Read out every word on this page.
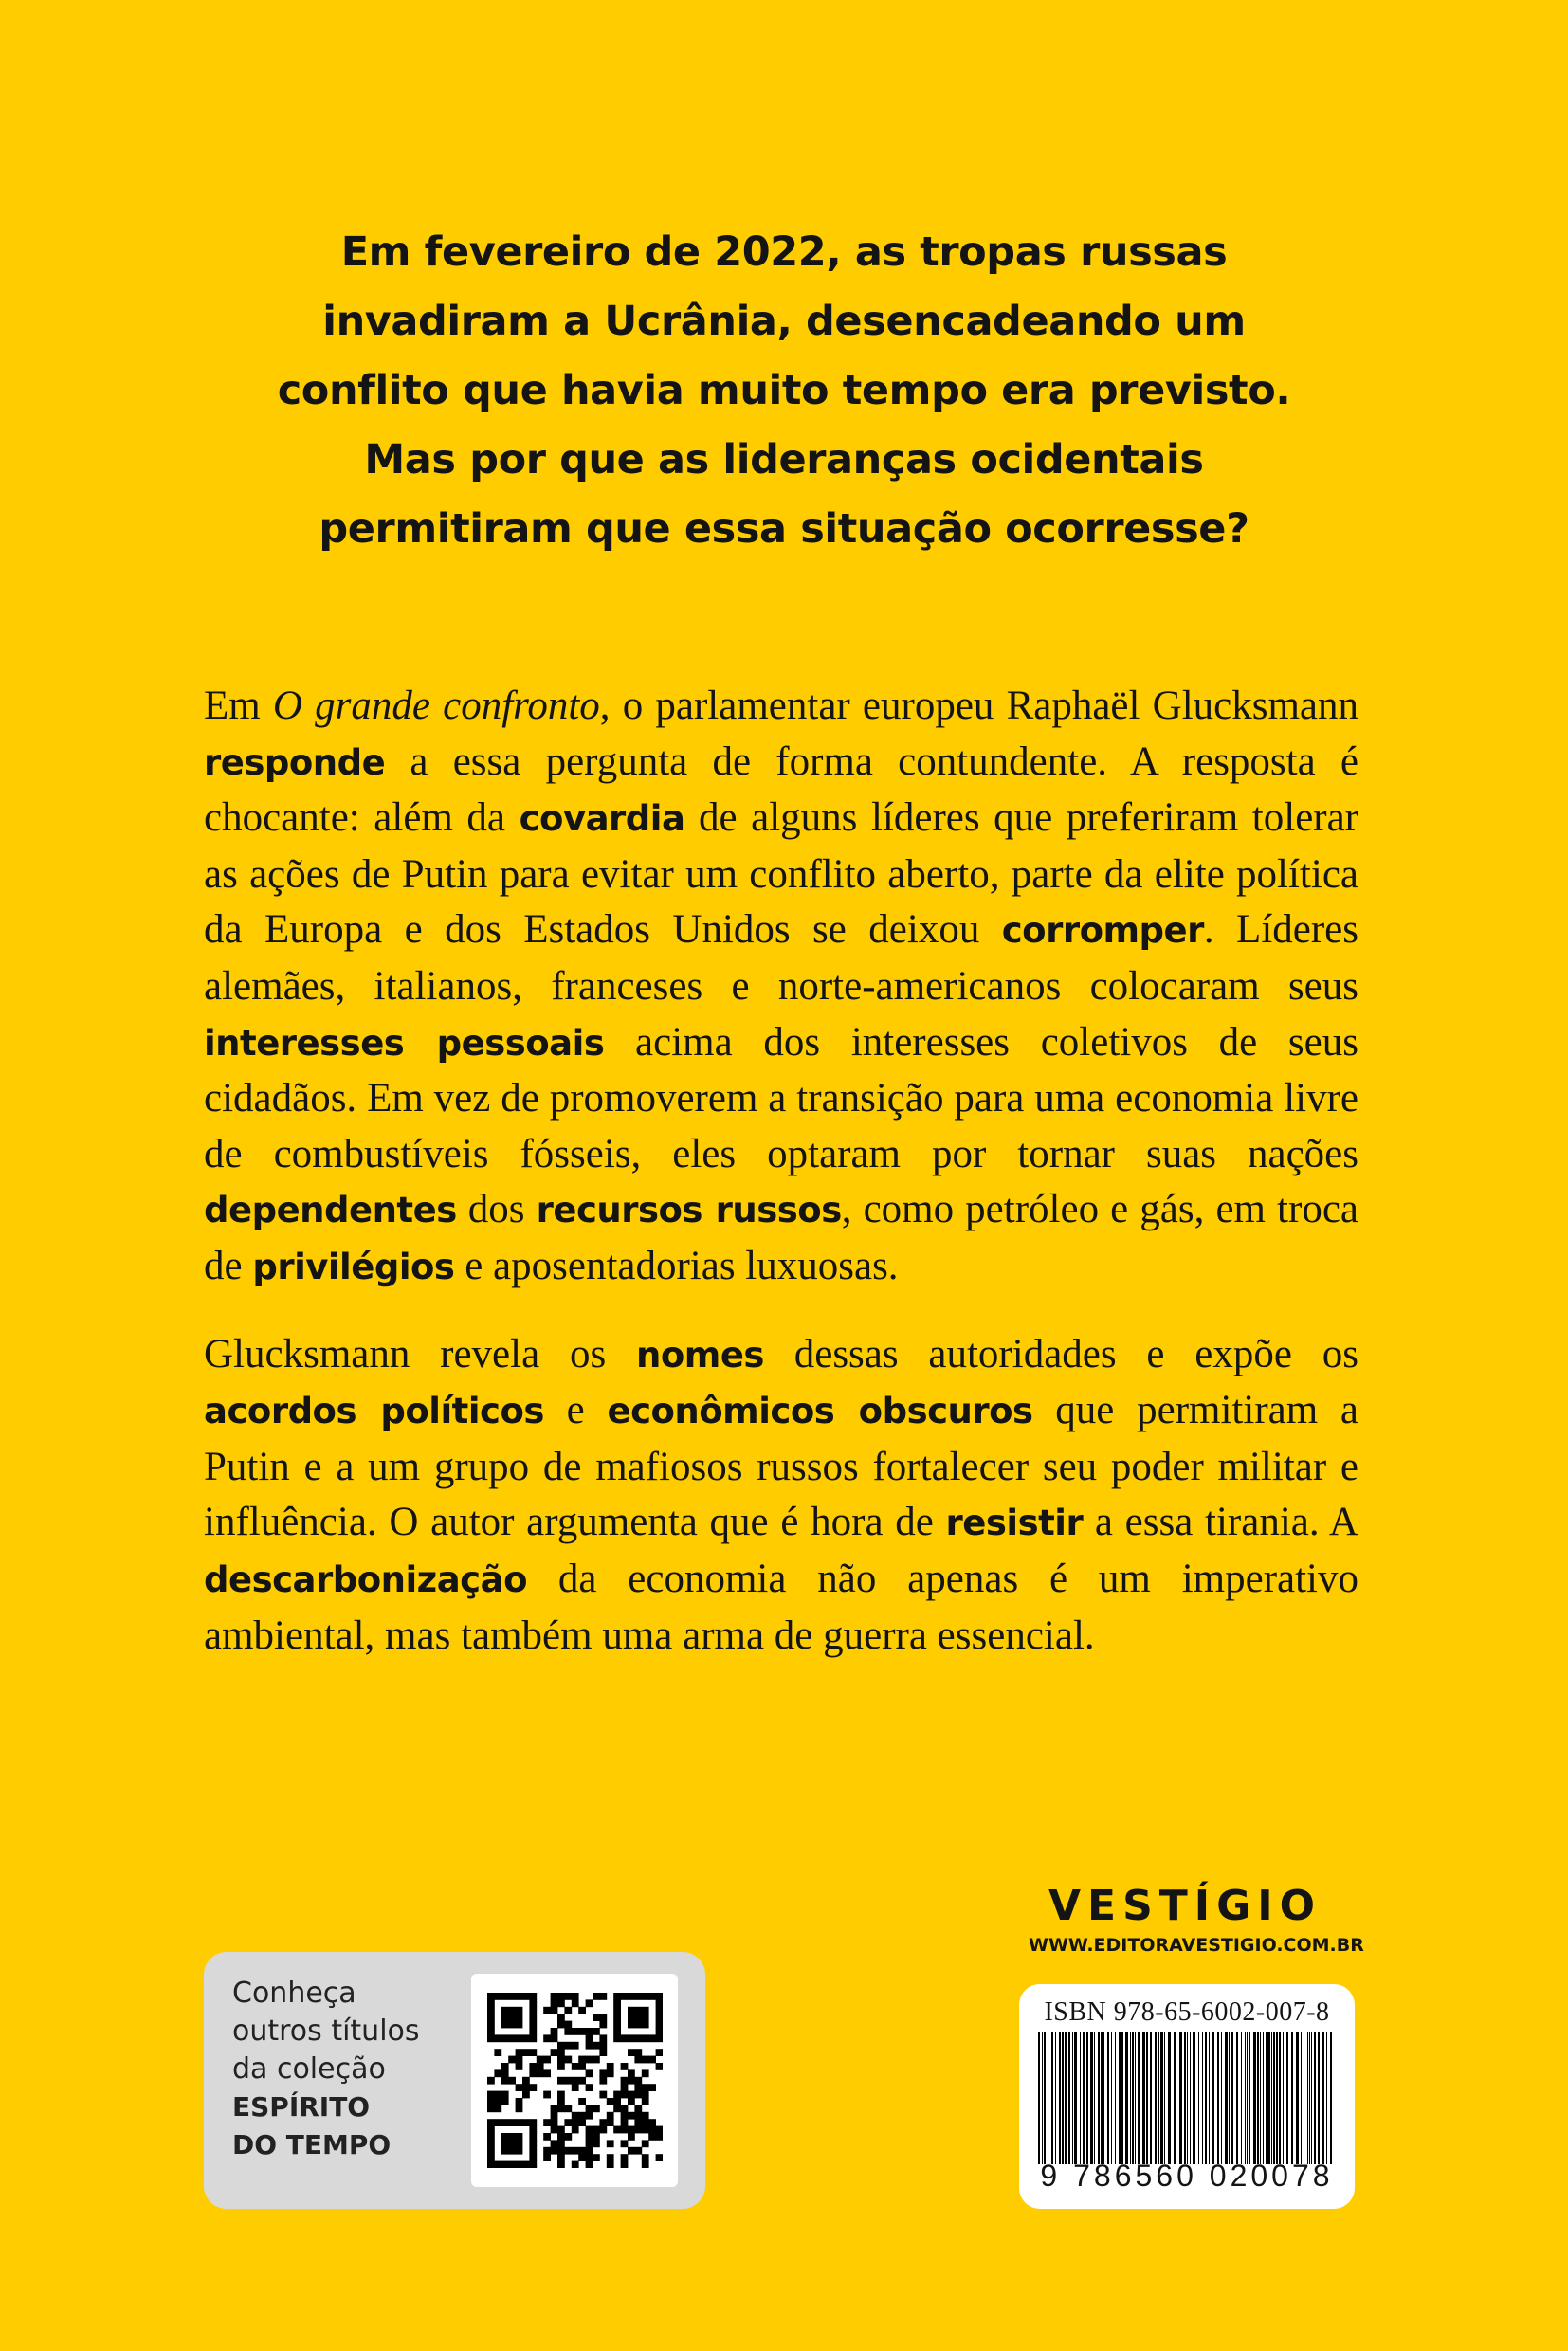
Em fevereiro de 2022, as tropas russas

invadiram a Ucrânia, desencadeando um

conflito que havia muito tempo era previsto.

Mas por que as lideranças ocidentais

permitiram que essa situação ocorresse?

Em O grande confronto, o parlamentar europeu Raphaël Glucksmann responde a essa pergunta de forma contundente. A resposta é chocante: além da covardia de alguns líderes que preferiram tolerar as ações de Putin para evitar um conflito aberto, parte da elite política da Europa e dos Estados Unidos se deixou corromper. Líderes alemães, italianos, franceses e norte-americanos colocaram seus interesses pessoais acima dos interesses coletivos de seus cidadãos. Em vez de promoverem a transição para uma economia livre de combustíveis fósseis, eles optaram por tornar suas nações dependentes dos recursos russos, como petróleo e gás, em troca de privilégios e aposentadorias luxuosas.

Glucksmann revela os nomes dessas autoridades e expõe os acordos políticos e econômicos obscuros que permitiram a Putin e a um grupo de mafiosos russos fortalecer seu poder militar e influência. O autor argumenta que é hora de resistir a essa tirania. A descarbonização da economia não apenas é um imperativo ambiental, mas também uma arma de guerra essencial.

Conheça
outros títulos
da coleção
ESPÍRITO
DO TEMPO
VESTÍGIO
WWW.EDITORAVESTIGIO.COM.BR
ISBN 978-65-6002-007-8
9 786560 020078
